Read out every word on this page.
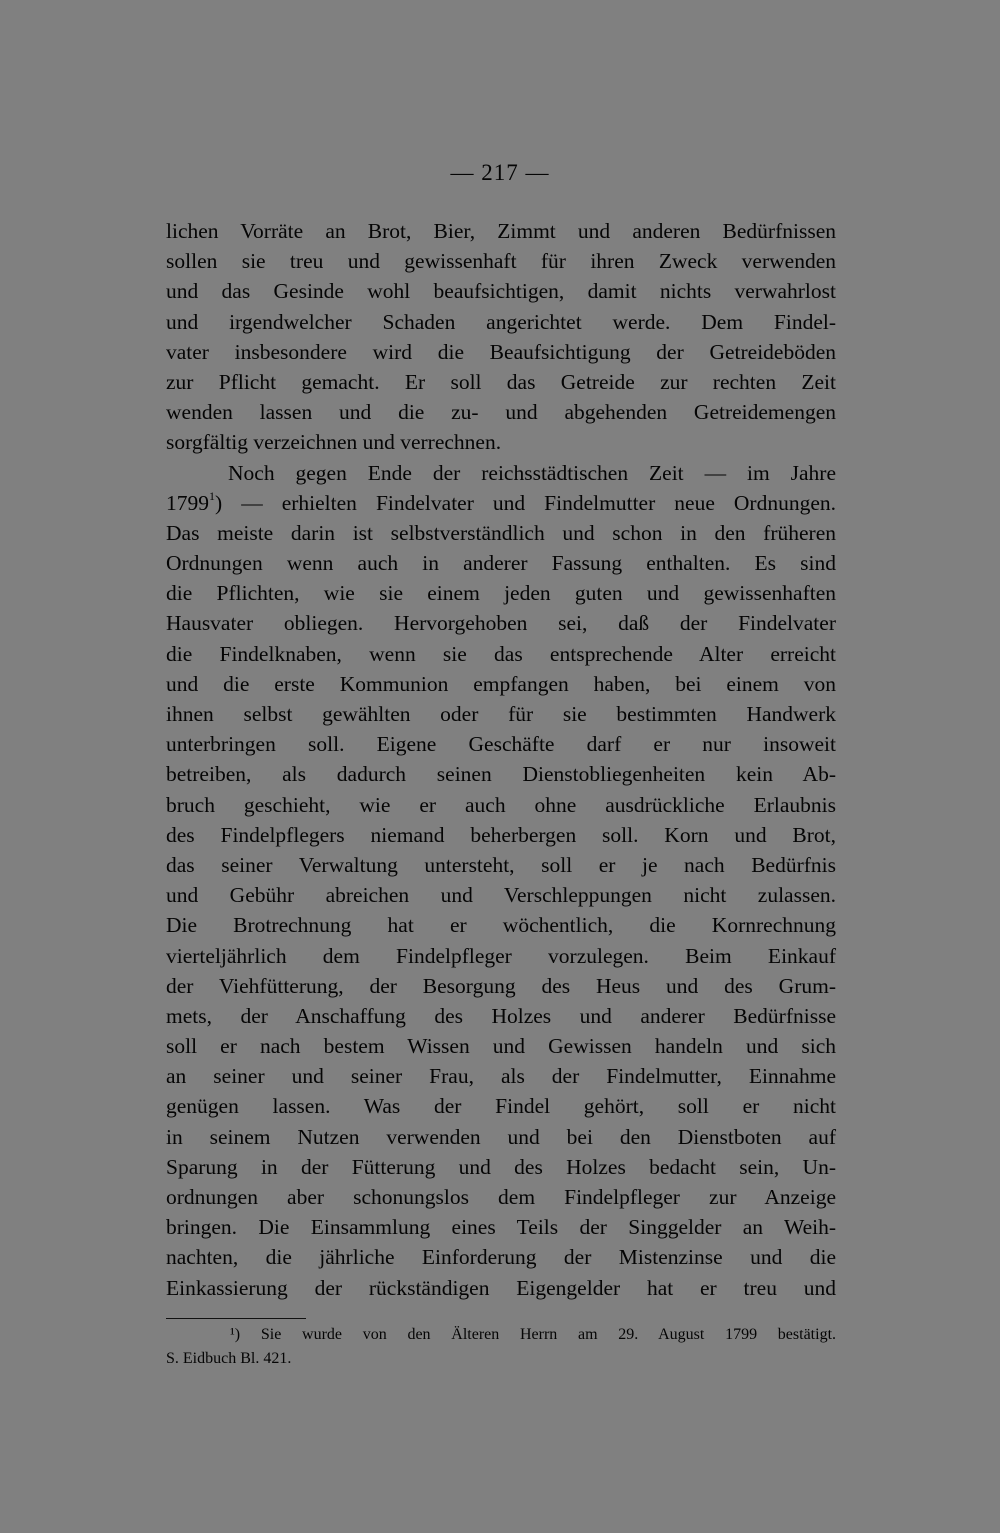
— 217 —
lichen Vorräte an Brot, Bier, Zimmt und anderen Bedürfnissen
sollen sie treu und gewissenhaft für ihren Zweck verwenden
und das Gesinde wohl beaufsichtigen, damit nichts verwahrlost
und irgendwelcher Schaden angerichtet werde. Dem Findel-
vater insbesondere wird die Beaufsichtigung der Getreideböden
zur Pflicht gemacht. Er soll das Getreide zur rechten Zeit
wenden lassen und die zu- und abgehenden Getreidemengen
sorgfältig verzeichnen und verrechnen.
Noch gegen Ende der reichsstädtischen Zeit — im Jahre
1799$^1$) — erhielten Findelvater und Findelmutter neue Ordnungen.
Das meiste darin ist selbstverständlich und schon in den früheren
Ordnungen wenn auch in anderer Fassung enthalten. Es sind
die Pflichten, wie sie einem jeden guten und gewissenhaften
Hausvater obliegen. Hervorgehoben sei, daß der Findelvater
die Findelknaben, wenn sie das entsprechende Alter erreicht
und die erste Kommunion empfangen haben, bei einem von
ihnen selbst gewählten oder für sie bestimmten Handwerk
unterbringen soll. Eigene Geschäfte darf er nur insoweit
betreiben, als dadurch seinen Dienstobliegenheiten kein Ab-
bruch geschieht, wie er auch ohne ausdrückliche Erlaubnis
des Findelpflegers niemand beherbergen soll. Korn und Brot,
das seiner Verwaltung untersteht, soll er je nach Bedürfnis
und Gebühr abreichen und Verschleppungen nicht zulassen.
Die Brotrechnung hat er wöchentlich, die Kornrechnung
vierteljährlich dem Findelpfleger vorzulegen. Beim Einkauf
der Viehfütterung, der Besorgung des Heus und des Grum-
mets, der Anschaffung des Holzes und anderer Bedürfnisse
soll er nach bestem Wissen und Gewissen handeln und sich
an seiner und seiner Frau, als der Findelmutter, Einnahme
genügen lassen. Was der Findel gehört, soll er nicht
in seinem Nutzen verwenden und bei den Dienstboten auf
Sparung in der Fütterung und des Holzes bedacht sein, Un-
ordnungen aber schonungslos dem Findelpfleger zur Anzeige
bringen. Die Einsammlung eines Teils der Singgelder an Weih-
nachten, die jährliche Einforderung der Mistenzinse und die
Einkassierung der rückständigen Eigengelder hat er treu und
¹) Sie wurde von den Älteren Herrn am 29. August 1799 bestätigt.
S. Eidbuch Bl. 421.
